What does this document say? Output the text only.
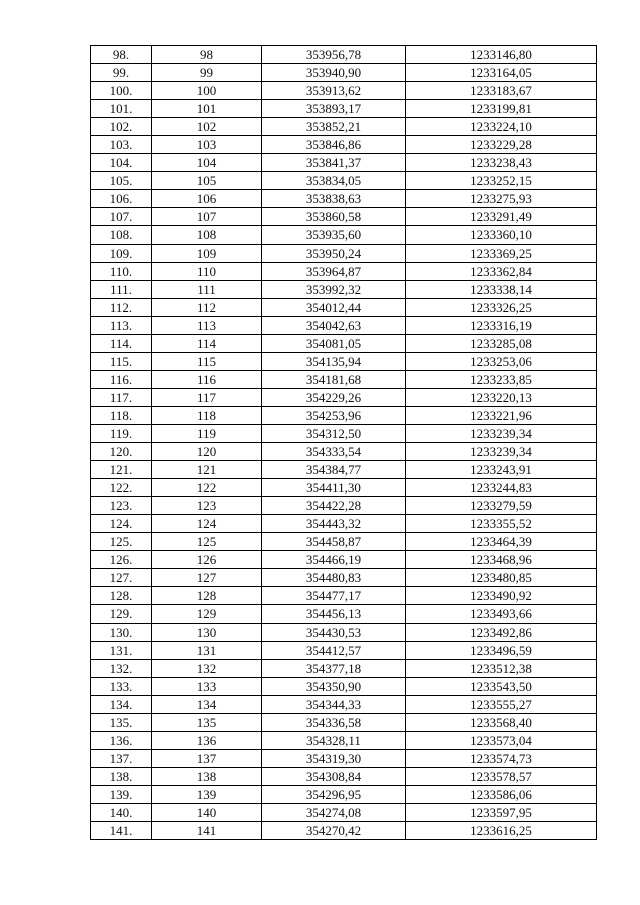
98.	98	353956,78	1233146,80
99.	99	353940,90	1233164,05
100.	100	353913,62	1233183,67
101.	101	353893,17	1233199,81
102.	102	353852,21	1233224,10
103.	103	353846,86	1233229,28
104.	104	353841,37	1233238,43
105.	105	353834,05	1233252,15
106.	106	353838,63	1233275,93
107.	107	353860,58	1233291,49
108.	108	353935,60	1233360,10
109.	109	353950,24	1233369,25
110.	110	353964,87	1233362,84
111.	111	353992,32	1233338,14
112.	112	354012,44	1233326,25
113.	113	354042,63	1233316,19
114.	114	354081,05	1233285,08
115.	115	354135,94	1233253,06
116.	116	354181,68	1233233,85
117.	117	354229,26	1233220,13
118.	118	354253,96	1233221,96
119.	119	354312,50	1233239,34
120.	120	354333,54	1233239,34
121.	121	354384,77	1233243,91
122.	122	354411,30	1233244,83
123.	123	354422,28	1233279,59
124.	124	354443,32	1233355,52
125.	125	354458,87	1233464,39
126.	126	354466,19	1233468,96
127.	127	354480,83	1233480,85
128.	128	354477,17	1233490,92
129.	129	354456,13	1233493,66
130.	130	354430,53	1233492,86
131.	131	354412,57	1233496,59
132.	132	354377,18	1233512,38
133.	133	354350,90	1233543,50
134.	134	354344,33	1233555,27
135.	135	354336,58	1233568,40
136.	136	354328,11	1233573,04
137.	137	354319,30	1233574,73
138.	138	354308,84	1233578,57
139.	139	354296,95	1233586,06
140.	140	354274,08	1233597,95
141.	141	354270,42	1233616,25
